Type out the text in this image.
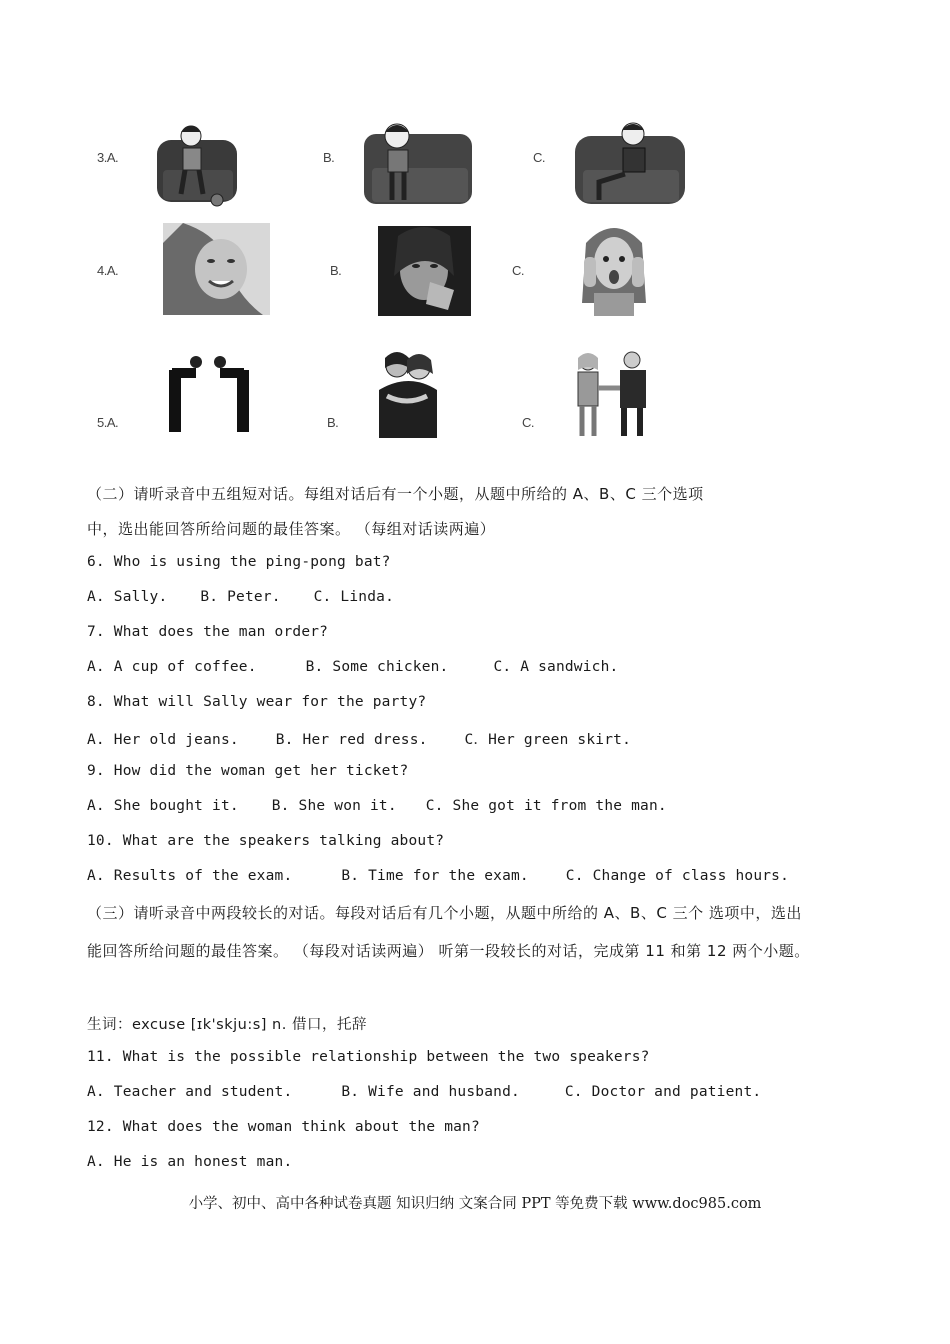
3.A.	B.	C.
4.A.	B.	C.
5.A.	B.	C.
（二）请听录音中五组短对话。每组对话后有一个小题，从题中所给的 A、B、C 三个选项
中，选出能回答所给问题的最佳答案。 （每组对话读两遍）
6. Who is using the ping-pong bat?
A. Sally. B. Peter. C. Linda.
7. What does the man order?
A. A cup of coffee.	B. Some chicken.	C. A sandwich.
8. What will Sally wear for the party?
A. Her old jeans.	B. Her red dress.	C．Her green skirt.
9. How did the woman get her ticket?
A. She bought it. B. She won it. C. She got it from the man.
10. What are the speakers talking about?
A. Results of the exam.	B. Time for the exam.	C. Change of class hours.
（三）请听录音中两段较长的对话。每段对话后有几个小题，从题中所给的 A、B、C 三个 选项中，选出
能回答所给问题的最佳答案。 （每段对话读两遍） 听第一段较长的对话，完成第 11 和第 12 两个小题。
生词：excuse [ɪk'skju:s] n. 借口，托辞
11. What is the possible relationship between the two speakers?
A. Teacher and student.	B. Wife and husband.	C. Doctor and patient.
12. What does the woman think about the man?
A. He is an honest man.
小学、初中、高中各种试卷真题 知识归纳 文案合同 PPT 等免费下载 www.doc985.com
